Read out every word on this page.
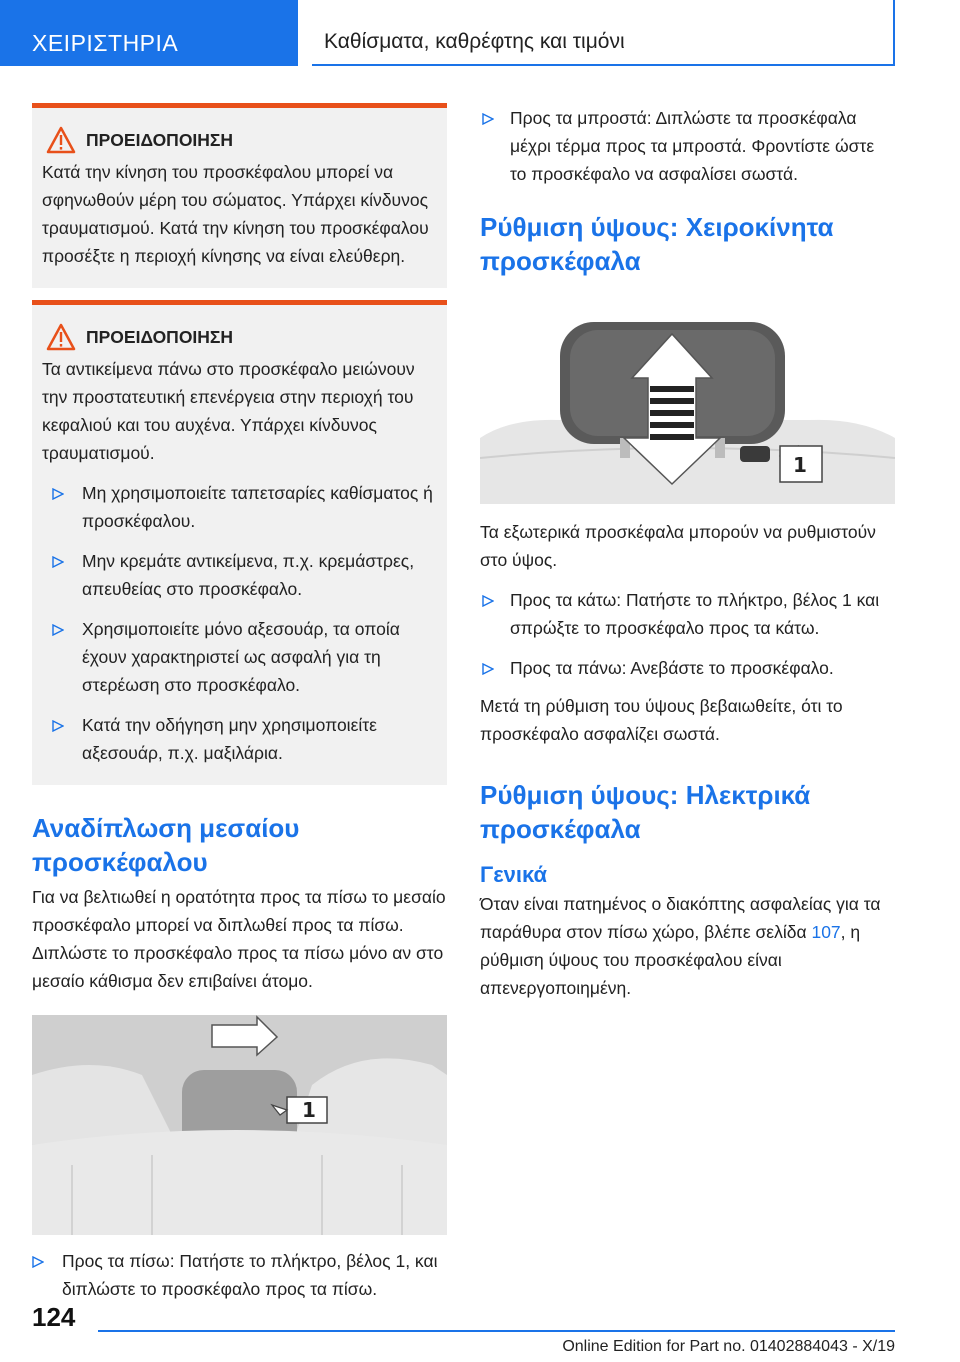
ΧΕΙΡΙΣΤΗΡΙΑ	Καθίσματα, καθρέφτης και τιμόνι
ΠΡΟΕΙΔΟΠΟΙΗΣΗ

Κατά την κίνηση του προσκέφαλου μπορεί να σφηνωθούν μέρη του σώματος. Υπάρχει κίνδυνος τραυματισμού. Κατά την κίνηση του προσκέφαλου προσέξτε η περιοχή κίνησης να είναι ελεύθερη.

ΠΡΟΕΙΔΟΠΟΙΗΣΗ

Τα αντικείμενα πάνω στο προσκέφαλο μειώνουν την προστατευτική επενέργεια στην περιοχή του κεφαλιού και του αυχένα. Υπάρχει κίνδυνος τραυματισμού.

Μη χρησιμοποιείτε ταπετσαρίες καθίσματος ή προσκέφαλου.
Μην κρεμάτε αντικείμενα, π.χ. κρεμάστρες, απευθείας στο προσκέφαλο.
Χρησιμοποιείτε μόνο αξεσουάρ, τα οποία έχουν χαρακτηριστεί ως ασφαλή για τη στερέωση στο προσκέφαλο.
Κατά την οδήγηση μην χρησιμοποιείτε αξεσουάρ, π.χ. μαξιλάρια.
Αναδίπλωση μεσαίου προσκέφαλου

Για να βελτιωθεί η ορατότητα προς τα πίσω το μεσαίο προσκέφαλο μπορεί να διπλωθεί προς τα πίσω. Διπλώστε το προσκέφαλο προς τα πίσω μόνο αν στο μεσαίο κάθισμα δεν επιβαίνει άτομο.

1
Προς τα πίσω: Πατήστε το πλήκτρο, βέλος 1, και διπλώστε το προσκέφαλο προς τα πίσω.
Προς τα μπροστά: Διπλώστε τα προσκέφαλα μέχρι τέρμα προς τα μπροστά. Φροντίστε ώστε το προσκέφαλο να ασφαλίσει σωστά.
Ρύθμιση ύψους: Χειροκίνητα προσκέφαλα
1

Τα εξωτερικά προσκέφαλα μπορούν να ρυθμιστούν στο ύψος.

Προς τα κάτω: Πατήστε το πλήκτρο, βέλος 1 και σπρώξτε το προσκέφαλο προς τα κάτω.
Προς τα πάνω: Ανεβάστε το προσκέφαλο.

Μετά τη ρύθμιση του ύψους βεβαιωθείτε, ότι το προσκέφαλο ασφαλίζει σωστά.

Ρύθμιση ύψους: Ηλεκτρικά προσκέφαλα
Γενικά

Όταν είναι πατημένος ο διακόπτης ασφαλείας για τα παράθυρα στον πίσω χώρο, βλέπε σελίδα 107, η ρύθμιση ύψους του προσκέφαλου είναι απενεργοποιημένη.

124
Online Edition for Part no. 01402884043 - X/19
